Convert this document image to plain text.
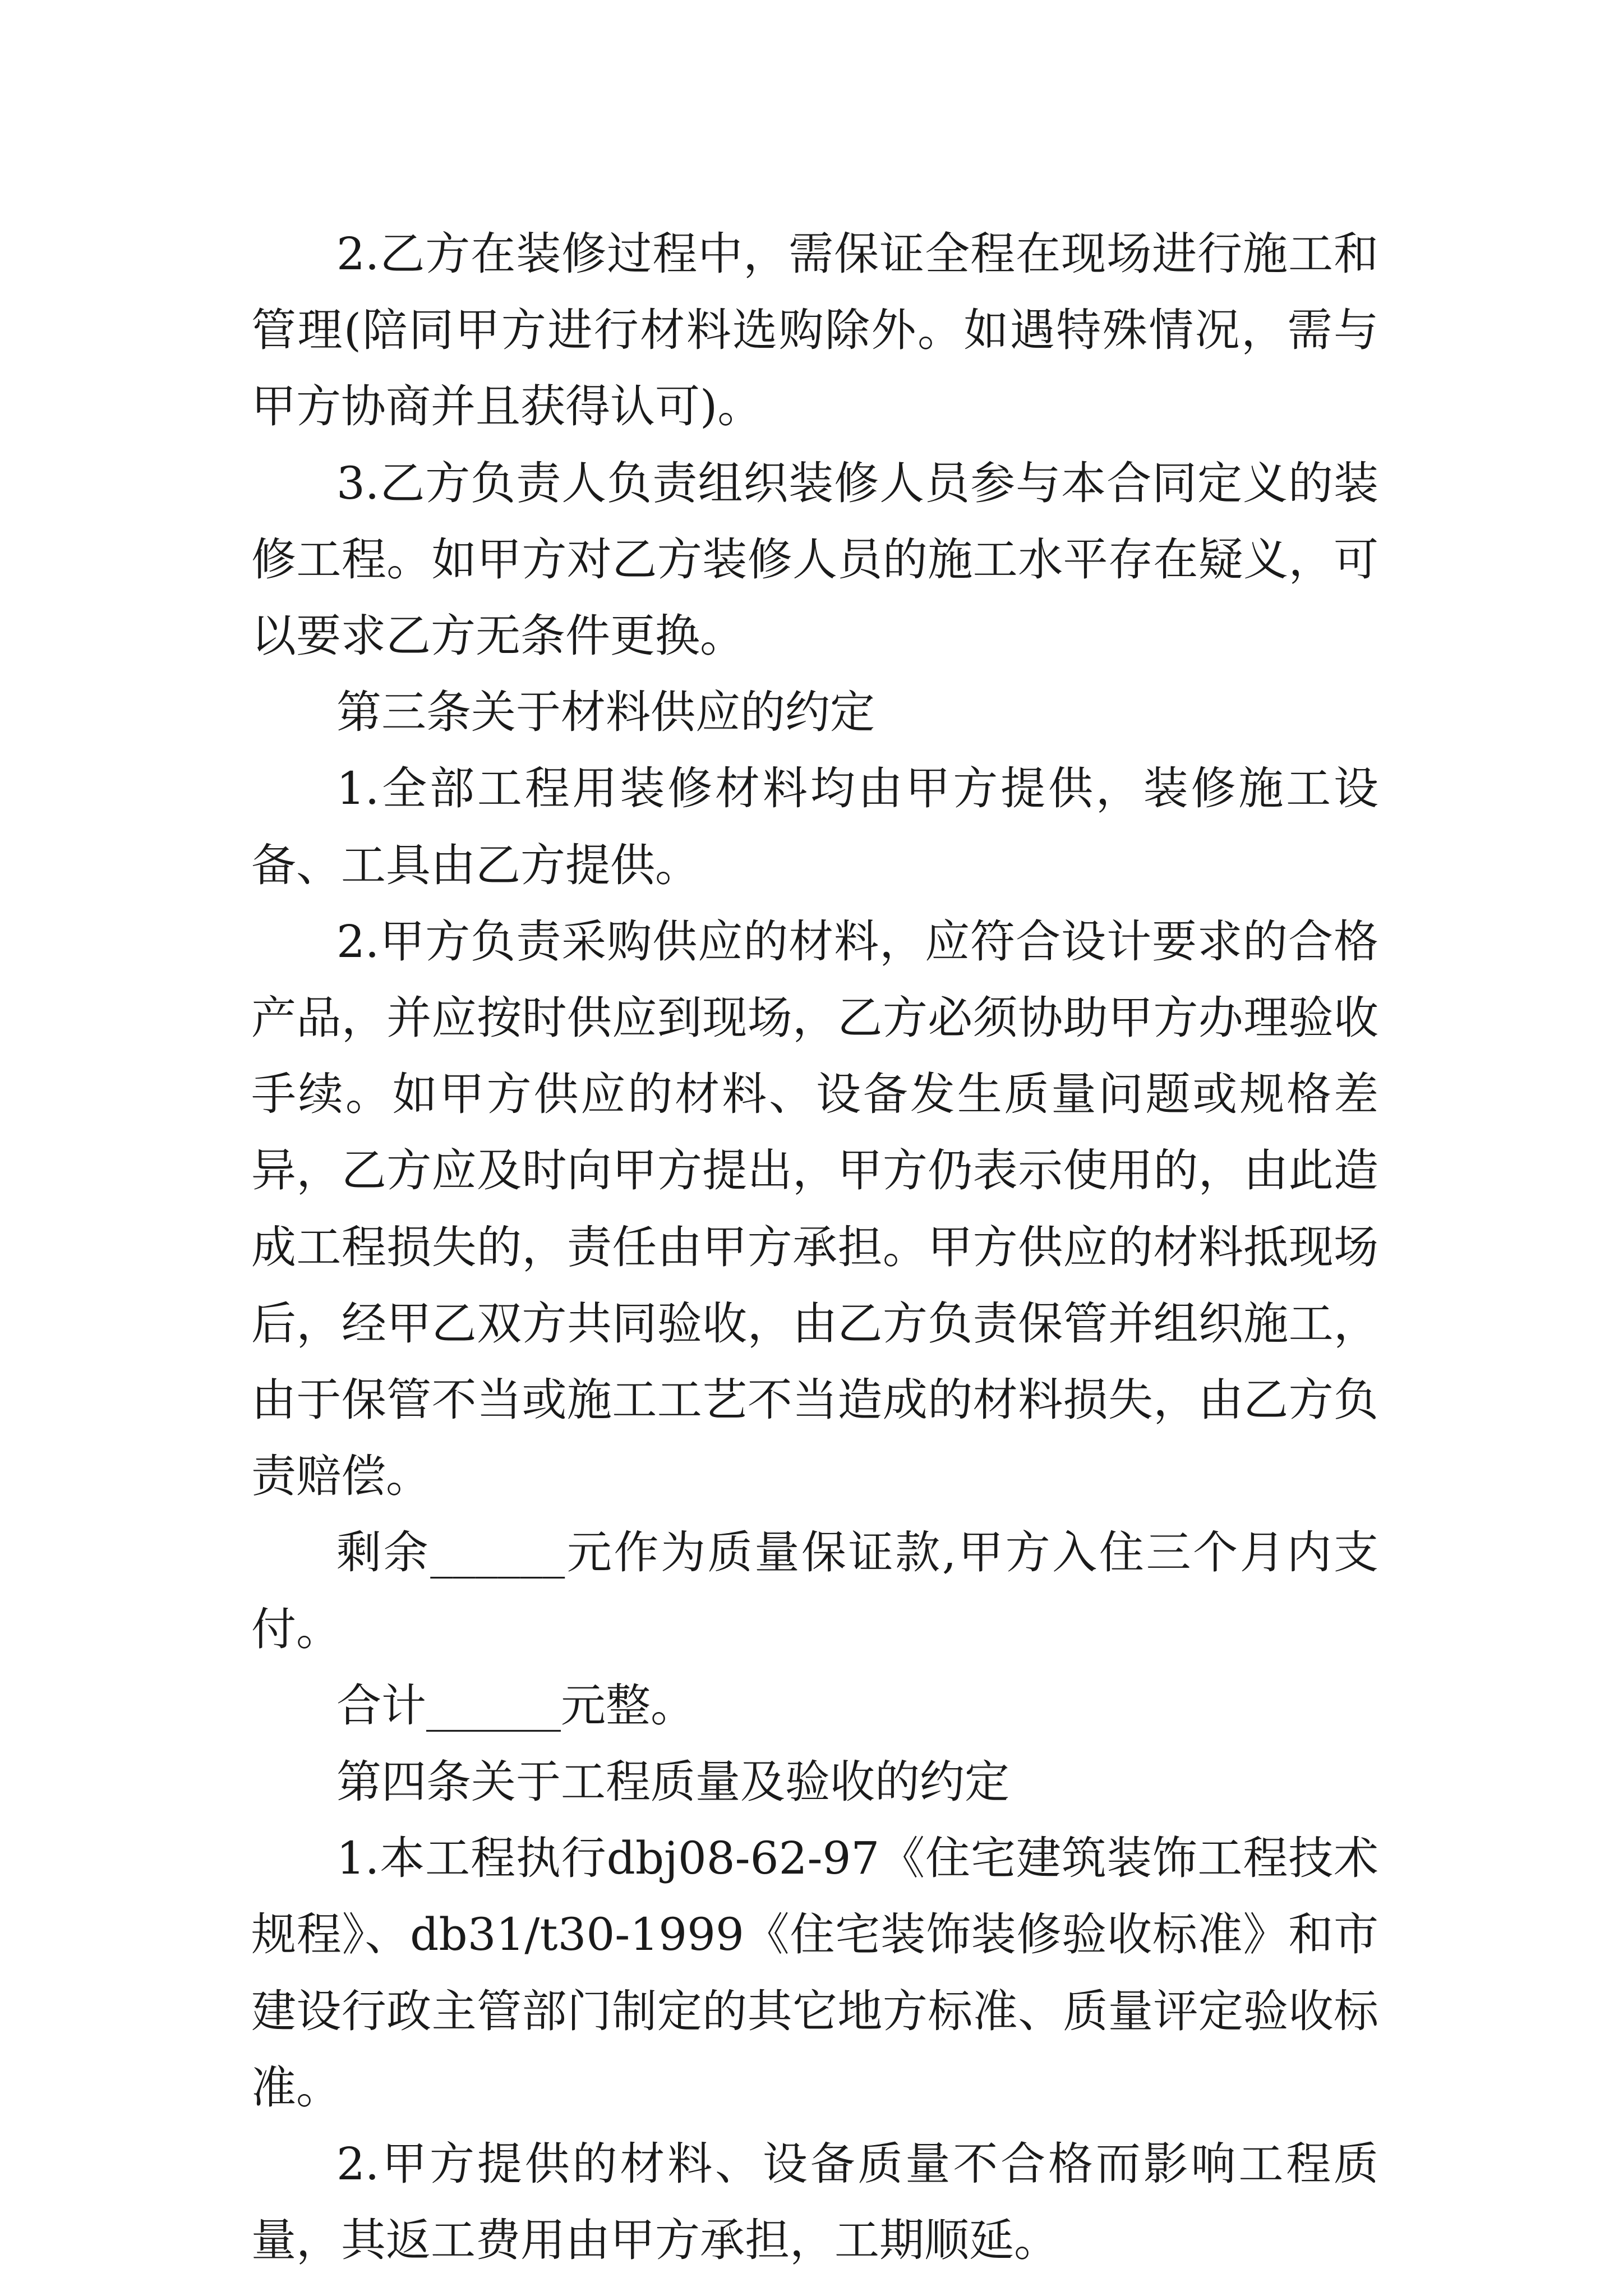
2.乙方在装修过程中，需保证全程在现场进行施工和管理(陪同甲方进行材料选购除外。如遇特殊情况，需与甲方协商并且获得认可)。

3.乙方负责人负责组织装修人员参与本合同定义的装修工程。如甲方对乙方装修人员的施工水平存在疑义，可以要求乙方无条件更换。

第三条关于材料供应的约定

1.全部工程用装修材料均由甲方提供，装修施工设备、工具由乙方提供。

2.甲方负责采购供应的材料，应符合设计要求的合格产品，并应按时供应到现场，乙方必须协助甲方办理验收手续。如甲方供应的材料、设备发生质量问题或规格差异，乙方应及时向甲方提出，甲方仍表示使用的，由此造成工程损失的，责任由甲方承担。甲方供应的材料抵现场后，经甲乙双方共同验收，由乙方负责保管并组织施工，由于保管不当或施工工艺不当造成的材料损失，由乙方负责赔偿。

剩余______元作为质量保证款,甲方入住三个月内支付。

合计______元整。

第四条关于工程质量及验收的约定

1.本工程执行dbj08-62-97《住宅建筑装饰工程技术规程》、db31/t30-1999《住宅装饰装修验收标准》和市建设行政主管部门制定的其它地方标准、质量评定验收标准。

2.甲方提供的材料、设备质量不合格而影响工程质量，其返工费用由甲方承担，工期顺延。
